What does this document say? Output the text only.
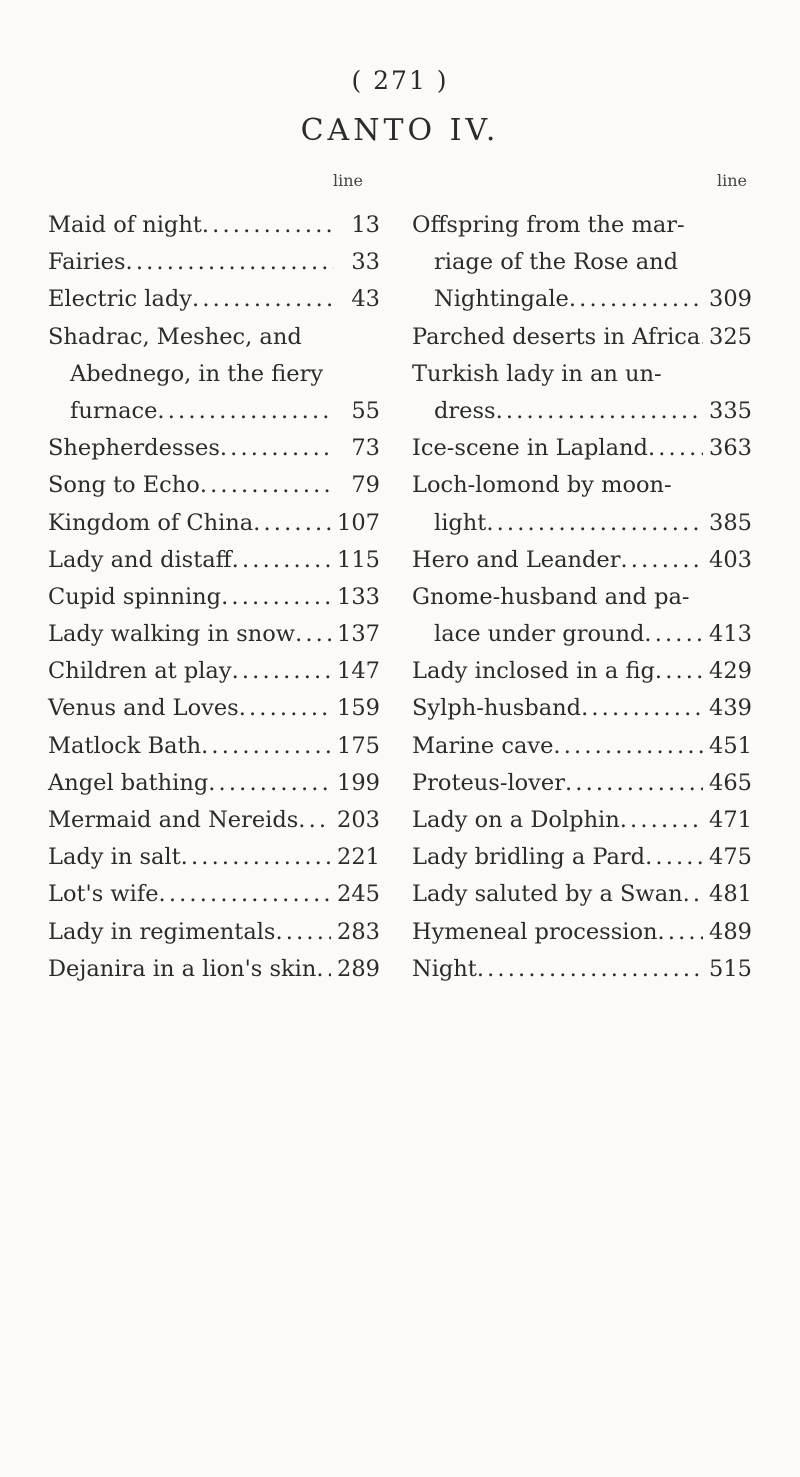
( 271 )
CANTO IV.
line	line
Maid of night . . .	13
Fairies . . .	33
Electric lady . . .	43
Shadrac, Meshec, and
Abednego, in the fiery
furnace . . .	55
Shepherdesses . . .	73
Song to Echo . . .	79
Kingdom of China . . .	107
Lady and distaff . . .	115
Cupid spinning . . .	133
Lady walking in snow . . . 137
Children at play . . .	147
Venus and Loves . . .	159
Matlock Bath . . .	175
Angel bathing . . .	199
Mermaid and Nereids . . . 203
Lady in salt . . .	221
Lot's wife . . .	245
Lady in regimentals . . .	283
Dejanira in a lion's skin . . . 289
Offspring from the mar-
riage of the Rose and
Nightingale . . .	309
Parched deserts in Africa . . . 325
Turkish lady in an un-
dress . . .	335
Ice-scene in Lapland . . .	363
Loch-lomond by moon-
light . . .	385
Hero and Leander . . .	403
Gnome-husband and pa-
lace under ground . . .	413
Lady inclosed in a fig . . . 429
Sylph-husband . . .	439
Marine cave . . .	451
Proteus-lover . . .	465
Lady on a Dolphin . . .	471
Lady bridling a Pard . . .	475
Lady saluted by a Swan . . . 481
Hymeneal procession . . . 489
Night . . .	515
